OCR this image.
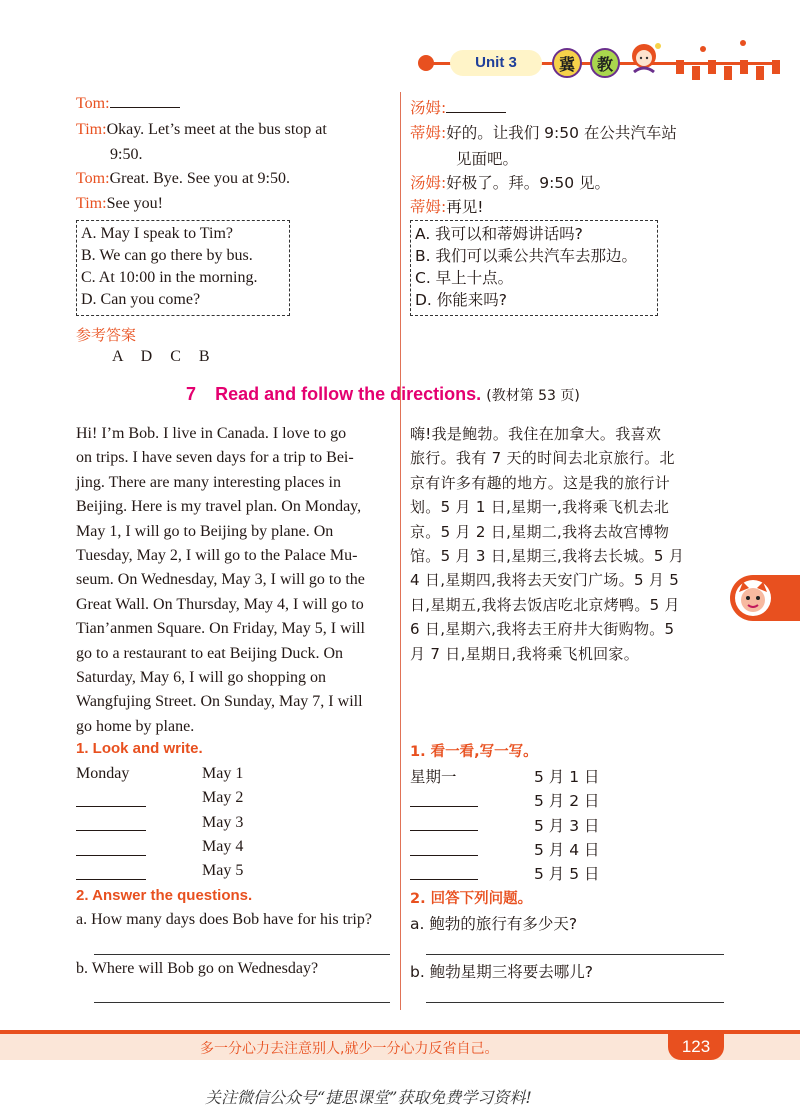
Unit 3	冀	教
Tom:
Tim:Okay. Let’s meet at the bus stop at
9:50.
Tom:Great. Bye. See you at 9:50.
Tim:See you!
A. May I speak to Tim?
B. We can go there by bus.
C. At 10:00 in the morning.
D. Can you come?
汤姆:
蒂姆:好的。让我们 9:50 在公共汽车站
见面吧。
汤姆:好极了。拜。9:50 见。
蒂姆:再见!
A. 我可以和蒂姆讲话吗?
B. 我们可以乘公共汽车去那边。
C. 早上十点。
D. 你能来吗?
参考答案
A D C B
7 Read and follow the directions. (教材第 53 页)
Hi! I’m Bob. I live in Canada. I love to go
on trips. I have seven days for a trip to Bei-
jing. There are many interesting places in
Beijing. Here is my travel plan. On Monday,
May 1, I will go to Beijing by plane. On
Tuesday, May 2, I will go to the Palace Mu-
seum. On Wednesday, May 3, I will go to the
Great Wall. On Thursday, May 4, I will go to
Tian’anmen Square. On Friday, May 5, I will
go to a restaurant to eat Beijing Duck. On
Saturday, May 6, I will go shopping on
Wangfujing Street. On Sunday, May 7, I will
go home by plane.
嗨!我是鲍勃。我住在加拿大。我喜欢
旅行。我有 7 天的时间去北京旅行。北
京有许多有趣的地方。这是我的旅行计
划。5 月 1 日,星期一,我将乘飞机去北
京。5 月 2 日,星期二,我将去故宫博物
馆。5 月 3 日,星期三,我将去长城。5 月
4 日,星期四,我将去天安门广场。5 月 5
日,星期五,我将去饭店吃北京烤鸭。5 月
6 日,星期六,我将去王府井大街购物。5
月 7 日,星期日,我将乘飞机回家。
1. Look and write.	1. 看一看,写一写。
Monday	May 1
May 2
May 3
May 4
May 5
星期一	5 月 1 日
5 月 2 日
5 月 3 日
5 月 4 日
5 月 5 日
2. Answer the questions.	2. 回答下列问题。
a. How many days does Bob have for his trip?
b. Where will Bob go on Wednesday?
a. 鲍勃的旅行有多少天?
b. 鲍勃星期三将要去哪儿?
多一分心力去注意别人,就少一分心力反省自己。	123
关注微信公众号“捷思课堂”获取免费学习资料!
